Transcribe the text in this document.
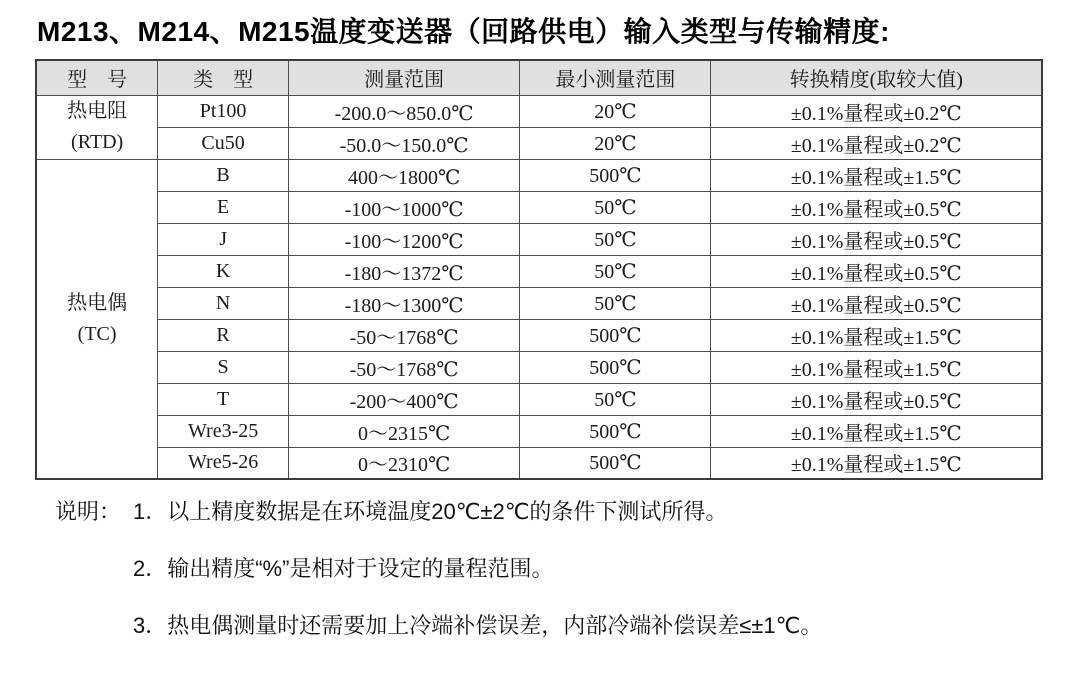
M213、M214、M215温度变送器（回路供电）输入类型与传输精度:
型　号	类　型	测量范围	最小测量范围	转换精度(取较大值)

热电阻
(RTD)	Pt100	-200.0～850.0℃	20℃	±0.1%量程或±0.2℃
	Cu50	-50.0～150.0℃	20℃	±0.1%量程或±0.2℃

热电偶
(TC)	B	400～1800℃	500℃	±0.1%量程或±1.5℃
	E	-100～1000℃	50℃	±0.1%量程或±0.5℃
	J	-100～1200℃	50℃	±0.1%量程或±0.5℃
	K	-180～1372℃	50℃	±0.1%量程或±0.5℃
	N	-180～1300℃	50℃	±0.1%量程或±0.5℃
	R	-50～1768℃	500℃	±0.1%量程或±1.5℃
	S	-50～1768℃	500℃	±0.1%量程或±1.5℃
	T	-200～400℃	50℃	±0.1%量程或±0.5℃
	Wre3-25	0～2315℃	500℃	±0.1%量程或±1.5℃
	Wre5-26	0～2310℃	500℃	±0.1%量程或±1.5℃
说明： 1．以上精度数据是在环境温度20℃±2℃的条件下测试所得。
2．输出精度“%”是相对于设定的量程范围。
3．热电偶测量时还需要加上冷端补偿误差，内部冷端补偿误差≤±1℃。
